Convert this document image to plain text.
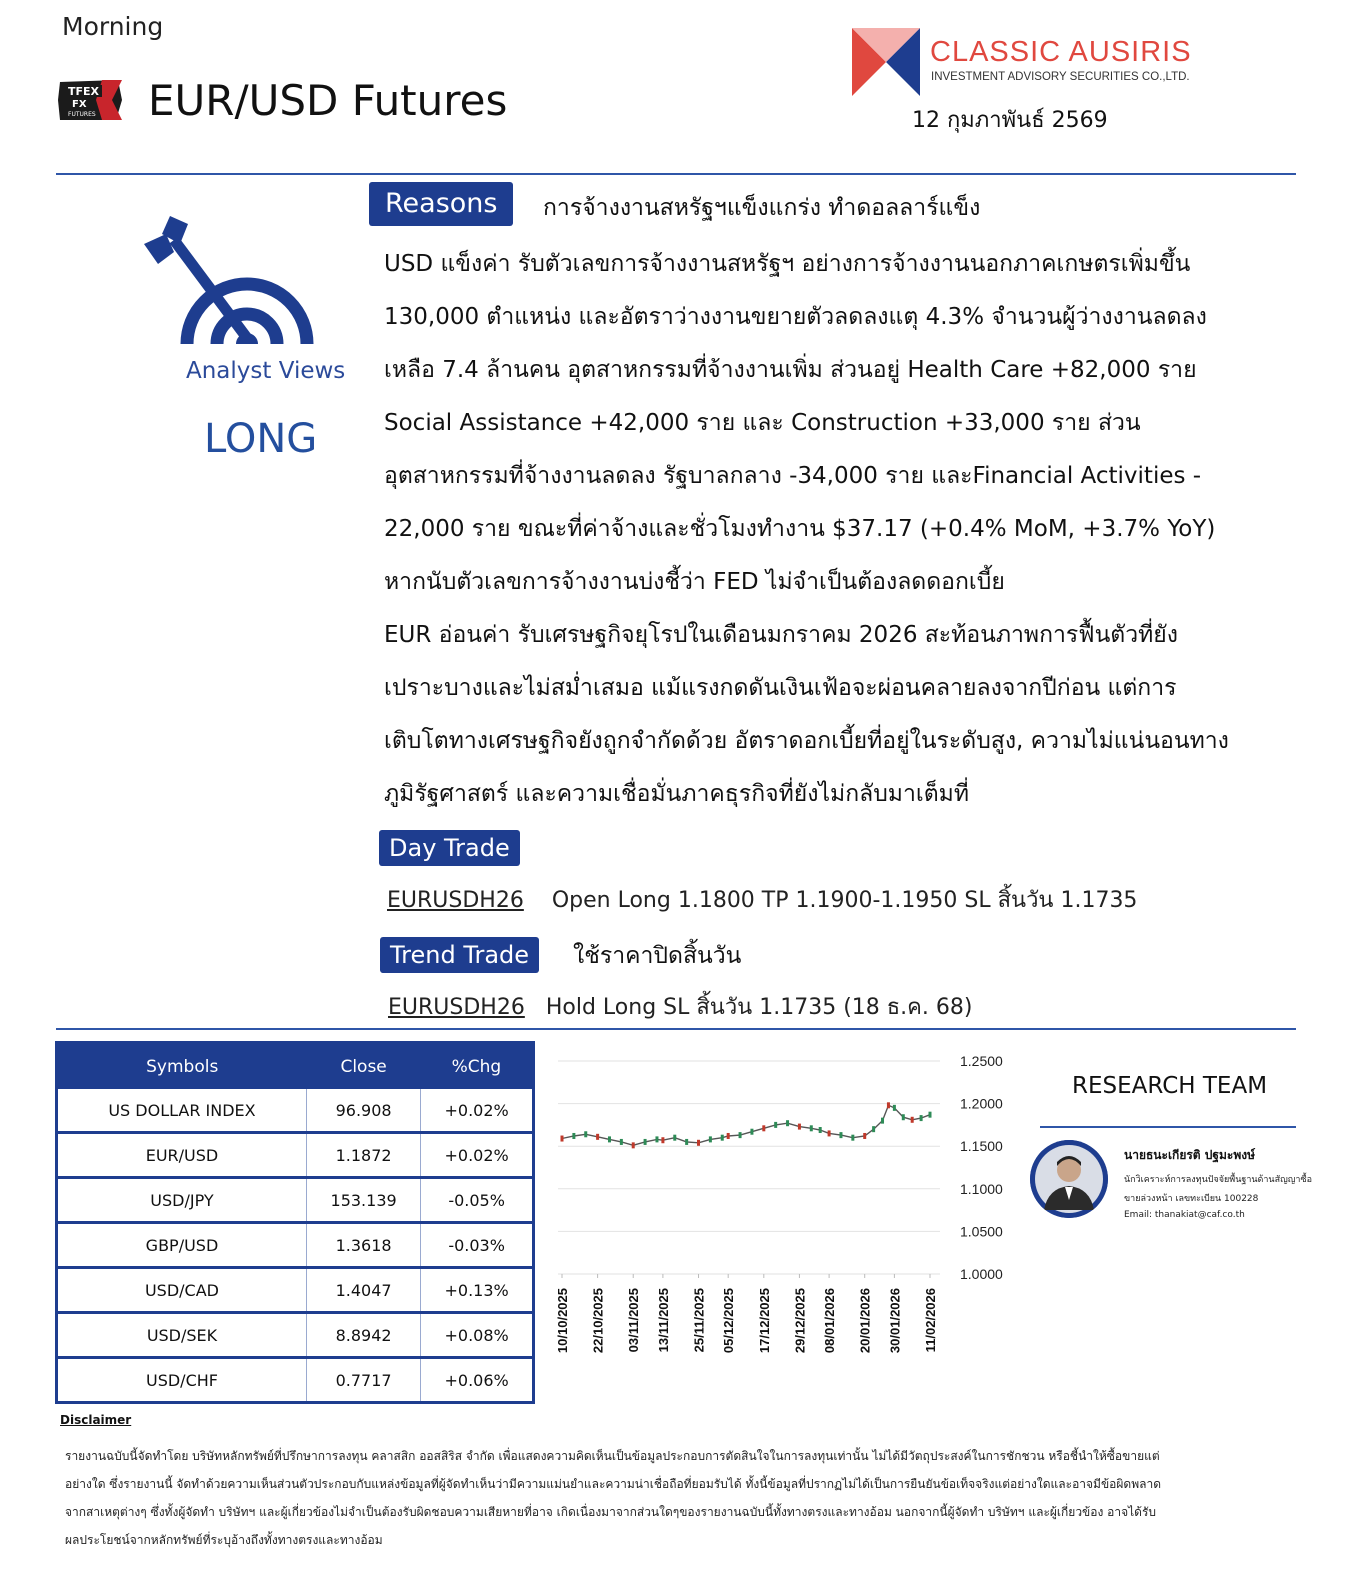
Morning
TFEX
FX
FUTURES EUR/USD Futures
CLASSIC AUSIRIS
INVESTMENT ADVISORY SECURITIES CO.,LTD.
12 กุมภาพันธ์ 2569
Analyst Views
LONG
Reasons	การจ้างงานสหรัฐฯแข็งแกร่ง ทำดอลลาร์แข็ง

USD แข็งค่า รับตัวเลขการจ้างงานสหรัฐฯ อย่างการจ้างงานนอกภาคเกษตรเพิ่มขึ้น

130,000 ตำแหน่ง และอัตราว่างงานขยายตัวลดลงแตุ 4.3% จำนวนผู้ว่างงานลดลง

เหลือ 7.4 ล้านคน อุตสาหกรรมที่จ้างงานเพิ่ม ส่วนอยู่ Health Care +82,000 ราย

Social Assistance +42,000 ราย และ Construction +33,000 ราย ส่วน

อุตสาหกรรมที่จ้างงานลดลง รัฐบาลกลาง -34,000 ราย และFinancial Activities -

22,000 ราย ขณะที่ค่าจ้างและชั่วโมงทำงาน $37.17 (+0.4% MoM, +3.7% YoY)

หากนับตัวเลขการจ้างงานบ่งชี้ว่า FED ไม่จำเป็นต้องลดดอกเบี้ย

EUR อ่อนค่า รับเศรษฐกิจยุโรปในเดือนมกราคม 2026 สะท้อนภาพการฟื้นตัวที่ยัง

เปราะบางและไม่สม่ำเสมอ แม้แรงกดดันเงินเฟ้อจะผ่อนคลายลงจากปีก่อน แต่การ

เติบโตทางเศรษฐกิจยังถูกจำกัดด้วย อัตราดอกเบี้ยที่อยู่ในระดับสูง, ความไม่แน่นอนทาง

ภูมิรัฐศาสตร์ และความเชื่อมั่นภาคธุรกิจที่ยังไม่กลับมาเต็มที่

Day Trade
EURUSDH26 Open Long 1.1800 TP 1.1900-1.1950 SL สิ้นวัน 1.1735
Trend Trade	ใช้ราคาปิดสิ้นวัน
EURUSDH26 Hold Long SL สิ้นวัน 1.1735 (18 ธ.ค. 68)
Symbols	Close	%Chg
US DOLLAR INDEX	96.908	+0.02%
EUR/USD	1.1872	+0.02%
USD/JPY	153.139	-0.05%
GBP/USD	1.3618	-0.03%
USD/CAD	1.4047	+0.13%
USD/SEK	8.8942	+0.08%
USD/CHF	0.7717	+0.06%
1.2500
1.2000
1.1500
1.1000
1.0500
1.0000
10/10/2025 22/10/2025 03/11/2025 13/11/2025 25/11/2025 05/12/2025 17/12/2025 29/12/2025 08/01/2026 20/01/2026 30/01/2026 11/02/2026
RESEARCH TEAM
นายธนะเกียรติ ปฐมะพงษ์
นักวิเคราะห์การลงทุนปัจจัยพื้นฐานด้านสัญญาซื้อ
ขายล่วงหน้า เลขทะเบียน 100228
Email: thanakiat@caf.co.th
Disclaimer

รายงานฉบับนี้จัดทำโดย บริษัทหลักทรัพย์ที่ปรึกษาการลงทุน คลาสสิก ออสสิริส จำกัด เพื่อแสดงความคิดเห็นเป็นข้อมูลประกอบการตัดสินใจในการลงทุนเท่านั้น ไม่ได้มีวัตถุประสงค์ในการชักชวน หรือชี้นำให้ซื้อขายแต่

อย่างใด ซึ่งรายงานนี้ จัดทำด้วยความเห็นส่วนตัวประกอบกับแหล่งข้อมูลที่ผู้จัดทำเห็นว่ามีความแม่นยำและความน่าเชื่อถือที่ยอมรับได้ ทั้งนี้ข้อมูลที่ปรากฏไม่ได้เป็นการยืนยันข้อเท็จจริงแต่อย่างใดและอาจมีข้อผิดพลาด

จากสาเหตุต่างๆ ซึ่งทั้งผู้จัดทำ บริษัทฯ และผู้เกี่ยวข้องไม่จำเป็นต้องรับผิดชอบความเสียหายที่อาจ เกิดเนื่องมาจากส่วนใดๆของรายงานฉบับนี้ทั้งทางตรงและทางอ้อม นอกจากนี้ผู้จัดทำ บริษัทฯ และผู้เกี่ยวข้อง อาจได้รับ

ผลประโยชน์จากหลักทรัพย์ที่ระบุอ้างถึงทั้งทางตรงและทางอ้อม
